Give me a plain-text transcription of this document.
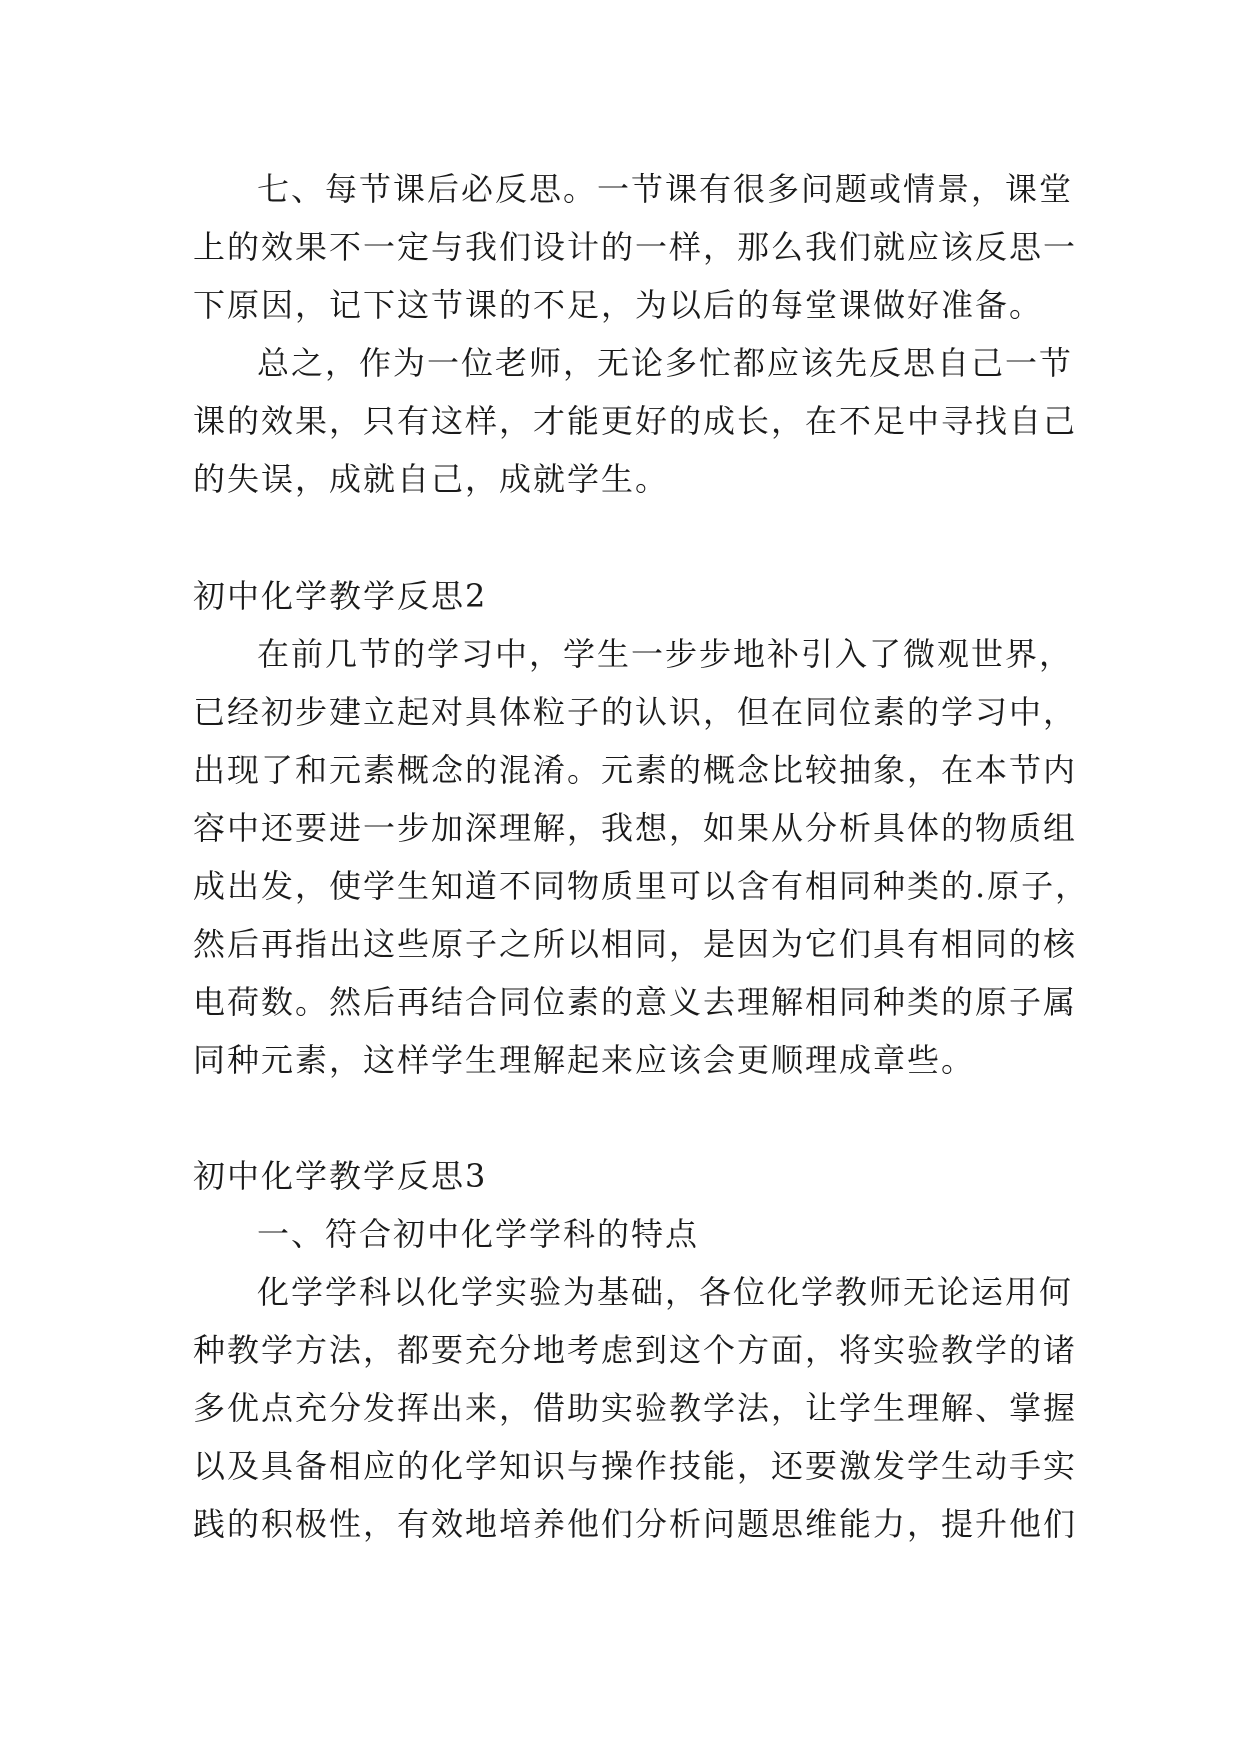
七、每节课后必反思。一节课有很多问题或情景，课堂
上的效果不一定与我们设计的一样，那么我们就应该反思一
下原因，记下这节课的不足，为以后的每堂课做好准备。
总之，作为一位老师，无论多忙都应该先反思自己一节
课的效果，只有这样，才能更好的成长，在不足中寻找自己
的失误，成就自己，成就学生。
初中化学教学反思2
在前几节的学习中，学生一步步地补引入了微观世界，
已经初步建立起对具体粒子的认识，但在同位素的学习中，
出现了和元素概念的混淆。元素的概念比较抽象，在本节内
容中还要进一步加深理解，我想，如果从分析具体的物质组
成出发，使学生知道不同物质里可以含有相同种类的.原子，
然后再指出这些原子之所以相同，是因为它们具有相同的核
电荷数。然后再结合同位素的意义去理解相同种类的原子属
同种元素，这样学生理解起来应该会更顺理成章些。
初中化学教学反思3
一、符合初中化学学科的特点
化学学科以化学实验为基础，各位化学教师无论运用何
种教学方法，都要充分地考虑到这个方面，将实验教学的诸
多优点充分发挥出来，借助实验教学法，让学生理解、掌握
以及具备相应的化学知识与操作技能，还要激发学生动手实
践的积极性，有效地培养他们分析问题思维能力，提升他们
